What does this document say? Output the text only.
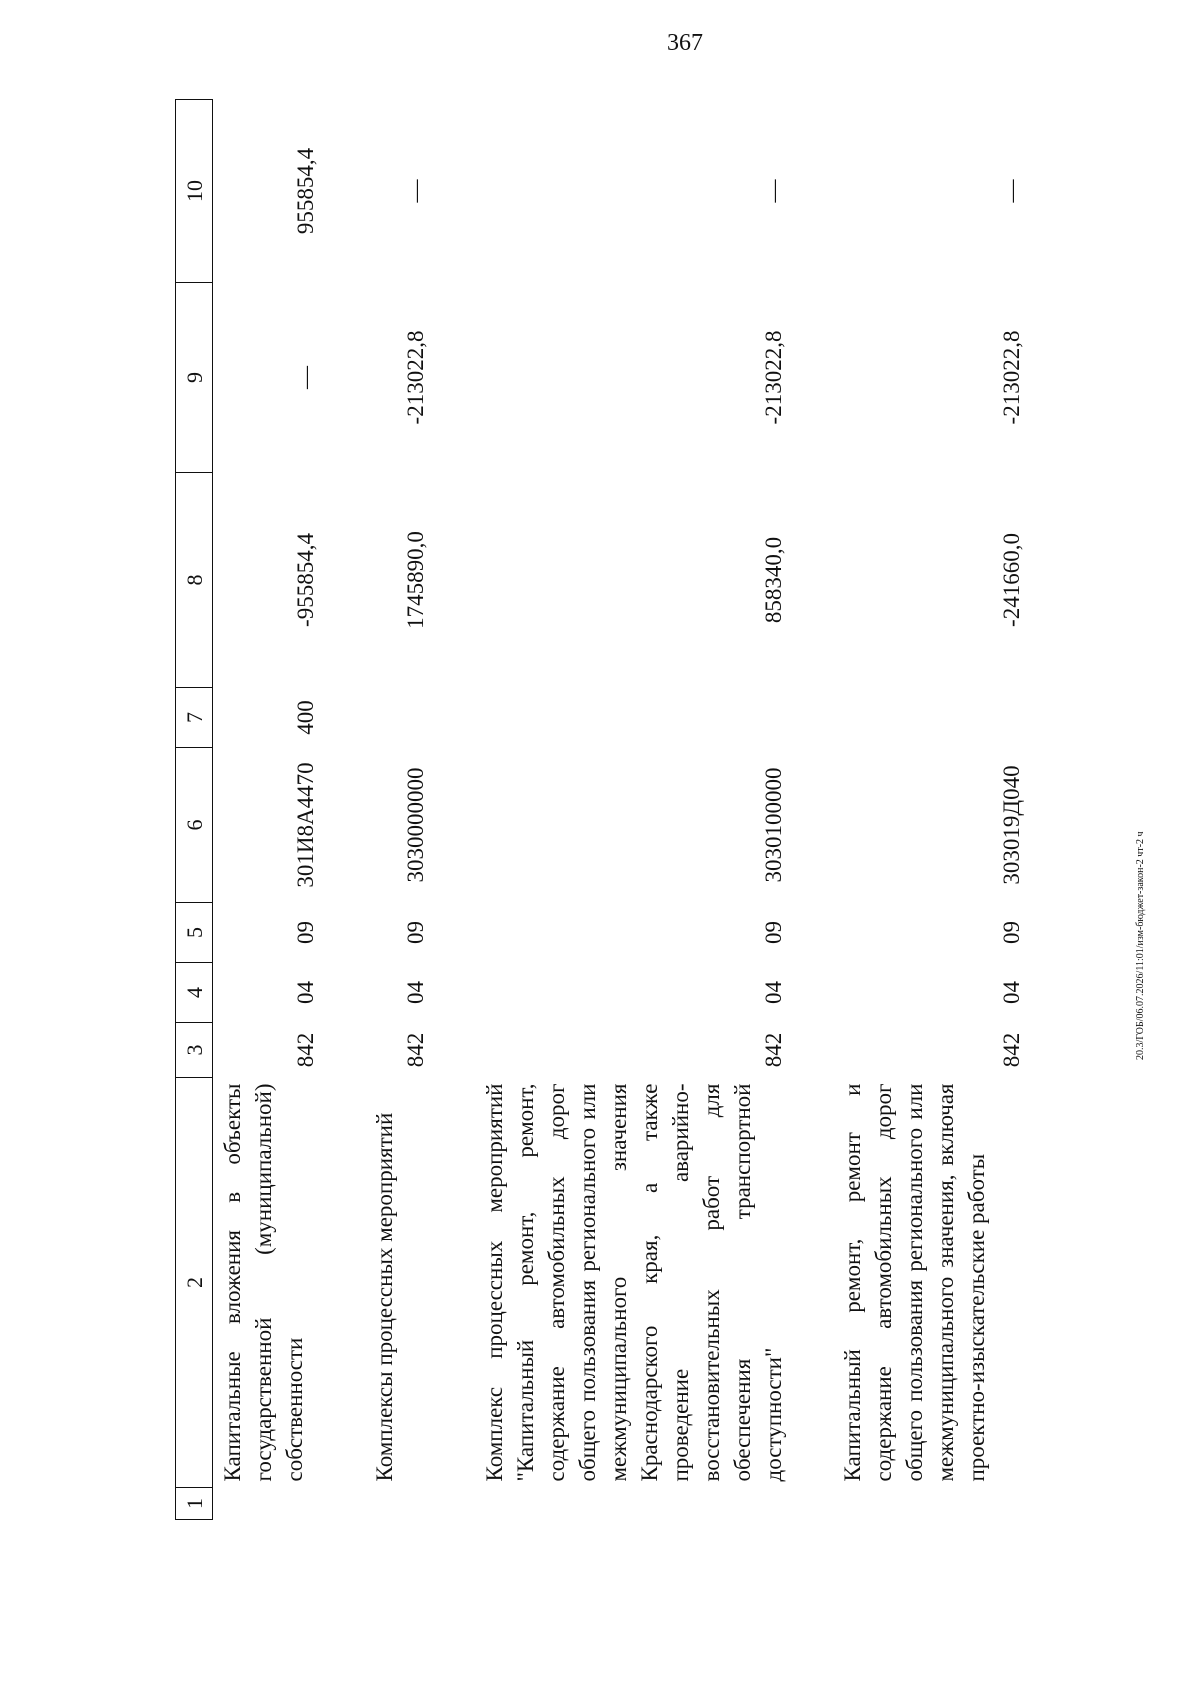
367
20.3/ГОБ/06.07.2026/11:01/изм-бюджет-закон-2 чт-2 ч
1	2	3	4	5	6	7	8	9	10
	Капитальные вложения в объекты государственной (муниципальной) собственности	842	04	09	301И8А4470	400	-955854,4	—	955854,4

	Комплексы процессных мероприятий	842	04	09	3030000000		1745890,0	-213022,8	—

	Комплекс процессных мероприятий "Капитальный ремонт, ремонт, содержание автомобильных дорог общего пользования регионального или межмуниципального значения Краснодарского края, а также проведение аварийно-восстановительных работ для обеспечения транспортной доступности"	842	04	09	3030100000		858340,0	-213022,8	—

	Капитальный ремонт, ремонт и содержание автомобильных дорог общего пользования регионального или межмуниципального значения, включая проектно-изыскательские работы	842	04	09	303019Д040		-241660,0	-213022,8	—
